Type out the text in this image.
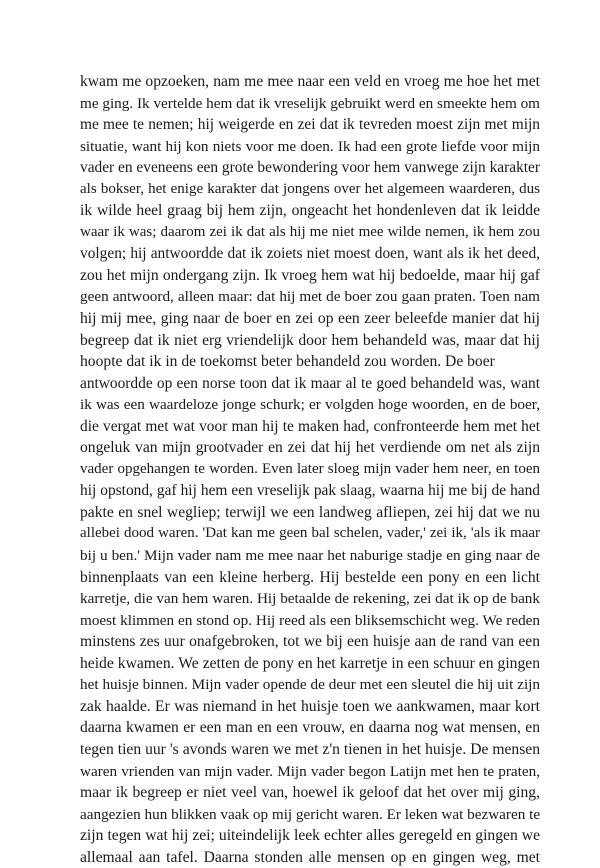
kwam me opzoeken, nam me mee naar een veld en vroeg me hoe het met
me ging. Ik vertelde hem dat ik vreselijk gebruikt werd en smeekte hem om
me mee te nemen; hij weigerde en zei dat ik tevreden moest zijn met mijn
situatie, want hij kon niets voor me doen. Ik had een grote liefde voor mijn
vader en eveneens een grote bewondering voor hem vanwege zijn karakter
als bokser, het enige karakter dat jongens over het algemeen waarderen, dus
ik wilde heel graag bij hem zijn, ongeacht het hondenleven dat ik leidde
waar ik was; daarom zei ik dat als hij me niet mee wilde nemen, ik hem zou
volgen; hij antwoordde dat ik zoiets niet moest doen, want als ik het deed,
zou het mijn ondergang zijn. Ik vroeg hem wat hij bedoelde, maar hij gaf
geen antwoord, alleen maar: dat hij met de boer zou gaan praten. Toen nam
hij mij mee, ging naar de boer en zei op een zeer beleefde manier dat hij
begreep dat ik niet erg vriendelijk door hem behandeld was, maar dat hij
hoopte dat ik in de toekomst beter behandeld zou worden. De boer
antwoordde op een norse toon dat ik maar al te goed behandeld was, want
ik was een waardeloze jonge schurk; er volgden hoge woorden, en de boer,
die vergat met wat voor man hij te maken had, confronteerde hem met het
ongeluk van mijn grootvader en zei dat hij het verdiende om net als zijn
vader opgehangen te worden. Even later sloeg mijn vader hem neer, en toen
hij opstond, gaf hij hem een vreselijk pak slaag, waarna hij me bij de hand
pakte en snel wegliep; terwijl we een landweg afliepen, zei hij dat we nu
allebei dood waren. 'Dat kan me geen bal schelen, vader,' zei ik, 'als ik maar
bij u ben.' Mijn vader nam me mee naar het naburige stadje en ging naar de
binnenplaats van een kleine herberg. Hij bestelde een pony en een licht
karretje, die van hem waren. Hij betaalde de rekening, zei dat ik op de bank
moest klimmen en stond op. Hij reed als een bliksemschicht weg. We reden
minstens zes uur onafgebroken, tot we bij een huisje aan de rand van een
heide kwamen. We zetten de pony en het karretje in een schuur en gingen
het huisje binnen. Mijn vader opende de deur met een sleutel die hij uit zijn
zak haalde. Er was niemand in het huisje toen we aankwamen, maar kort
daarna kwamen er een man en een vrouw, en daarna nog wat mensen, en
tegen tien uur 's avonds waren we met z'n tienen in het huisje. De mensen
waren vrienden van mijn vader. Mijn vader begon Latijn met hen te praten,
maar ik begreep er niet veel van, hoewel ik geloof dat het over mij ging,
aangezien hun blikken vaak op mij gericht waren. Er leken wat bezwaren te
zijn tegen wat hij zei; uiteindelijk leek echter alles geregeld en gingen we
allemaal aan tafel. Daarna stonden alle mensen op en gingen weg, met
